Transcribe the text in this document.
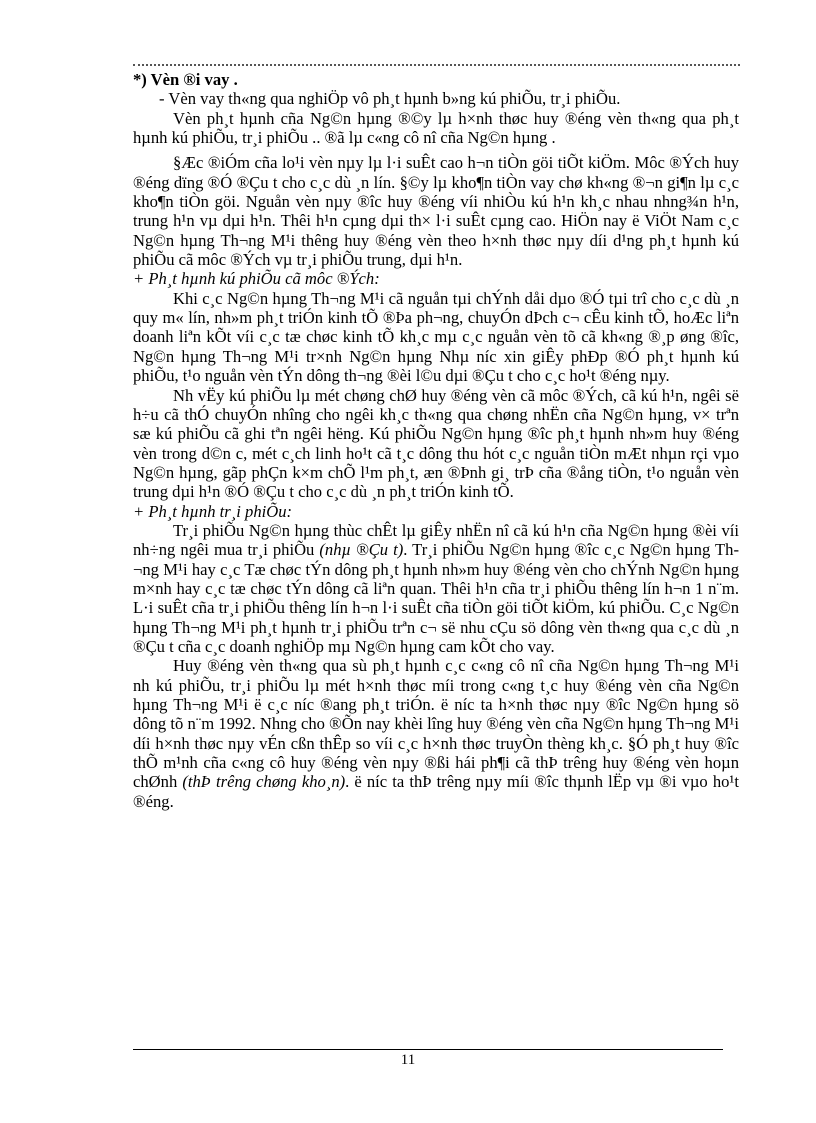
*) Vèn ®i vay .

- Vèn vay th«ng qua nghiÖp vô ph¸t hµnh b»ng kú phiÕu, tr¸i phiÕu.

Vèn ph¸t hµnh cña Ng©n hµng ®©y lµ h×nh thøc huy ®éng vèn th«ng qua ph¸t hµnh kú phiÕu, tr¸i phiÕu .. ®ã lµ c«ng cô nî cña Ng©n hµng .

§Æc ®iÓm cña lo¹i vèn nµy lµ l·i suÊt cao h¬n tiÒn göi tiÕt kiÖm. Môc ®Ých huy ®éng dïng ®Ó ®Çu t cho c¸c dù ¸n lín. §©y lµ kho¶n tiÒn vay chø kh«ng ®¬n gi¶n lµ c¸c kho¶n tiÒn göi. Nguån vèn nµy ®îc huy ®éng víi nhiÒu kú h¹n kh¸c nhau nhng¾n h¹n, trung h¹n vµ dµi h¹n. Thêi h¹n cµng dµi th× l·i suÊt cµng cao. HiÖn nay ë ViÖt Nam c¸c Ng©n hµng Th¬ng M¹i thêng huy ®éng vèn theo h×nh thøc nµy díi d¹ng ph¸t hµnh kú phiÕu cã môc ®Ých vµ tr¸i phiÕu trung, dµi h¹n.

+ Ph¸t hµnh kú phiÕu cã môc ®Ých:

Khi c¸c Ng©n hµng Th¬ng M¹i cã nguån tµi chÝnh dåi dµo ®Ó tµi trî cho c¸c dù ¸n quy m« lín, nh»m ph¸t triÓn kinh tÕ ®Þa ph¬ng, chuyÓn dÞch c¬ cÊu kinh tÕ, hoÆc liªn doanh liªn kÕt víi c¸c tæ chøc kinh tÕ kh¸c mµ c¸c nguån vèn tõ cã kh«ng ®¸p øng ®îc, Ng©n hµng Th¬ng M¹i tr×nh Ng©n hµng Nhµ níc xin giÊy phÐp ®Ó ph¸t hµnh kú phiÕu, t¹o nguån vèn tÝn dông th¬ng ®èi l©u dµi ®Çu t cho c¸c ho¹t ®éng nµy.

Nh vËy kú phiÕu lµ mét chøng chØ huy ®éng vèn cã môc ®Ých, cã kú h¹n, ngêi së h÷u cã thÓ chuyÓn nhîng cho ngêi kh¸c th«ng qua chøng nhËn cña Ng©n hµng, v× trªn sæ kú phiÕu cã ghi tªn ngêi hëng. Kú phiÕu Ng©n hµng ®îc ph¸t hµnh nh»m huy ®éng vèn trong d©n c, mét c¸ch linh ho¹t cã t¸c dông thu hót c¸c nguån tiÒn mÆt nhµn rçi vµo Ng©n hµng, gãp phÇn k×m chÕ l¹m ph¸t, æn ®Þnh gi¸ trÞ cña ®ång tiÒn, t¹o nguån vèn trung dµi h¹n ®Ó ®Çu t cho c¸c dù ¸n ph¸t triÓn kinh tÕ.

+ Ph¸t hµnh tr¸i phiÕu:

Tr¸i phiÕu Ng©n hµng thùc chÊt lµ giÊy nhËn nî cã kú h¹n cña Ng©n hµng ®èi víi nh÷ng ngêi mua tr¸i phiÕu (nhµ ®Çu t). Tr¸i phiÕu Ng©n hµng ®îc c¸c Ng©n hµng Th¬ng M¹i hay c¸c Tæ chøc tÝn dông ph¸t hµnh nh»m huy ®éng vèn cho chÝnh Ng©n hµng m×nh hay c¸c tæ chøc tÝn dông cã liªn quan. Thêi h¹n cña tr¸i phiÕu thêng lín h¬n 1 n¨m. L·i suÊt cña tr¸i phiÕu thêng lín h¬n l·i suÊt cña tiÒn göi tiÕt kiÖm, kú phiÕu. C¸c Ng©n hµng Th¬ng M¹i ph¸t hµnh tr¸i phiÕu trªn c¬ së nhu cÇu sö dông vèn th«ng qua c¸c dù ¸n ®Çu t cña c¸c doanh nghiÖp mµ Ng©n hµng cam kÕt cho vay.

Huy ®éng vèn th«ng qua sù ph¸t hµnh c¸c c«ng cô nî cña Ng©n hµng Th¬ng M¹i nh kú phiÕu, tr¸i phiÕu lµ mét h×nh thøc míi trong c«ng t¸c huy ®éng vèn cña Ng©n hµng Th¬ng M¹i ë c¸c níc ®ang ph¸t triÓn. ë níc ta h×nh thøc nµy ®îc Ng©n hµng sö dông tõ n¨m 1992. Nhng cho ®Õn nay khèi lîng huy ®éng vèn cña Ng©n hµng Th¬ng M¹i díi h×nh thøc nµy vÉn cßn thÊp so víi c¸c h×nh thøc truyÒn thèng kh¸c. §Ó ph¸t huy ®îc thÕ m¹nh cña c«ng cô huy ®éng vèn nµy ®ßi hái ph¶i cã thÞ trêng huy ®éng vèn hoµn chØnh (thÞ trêng chøng kho¸n). ë níc ta thÞ trêng nµy míi ®îc thµnh lËp vµ ®i vµo ho¹t ®éng.

11
